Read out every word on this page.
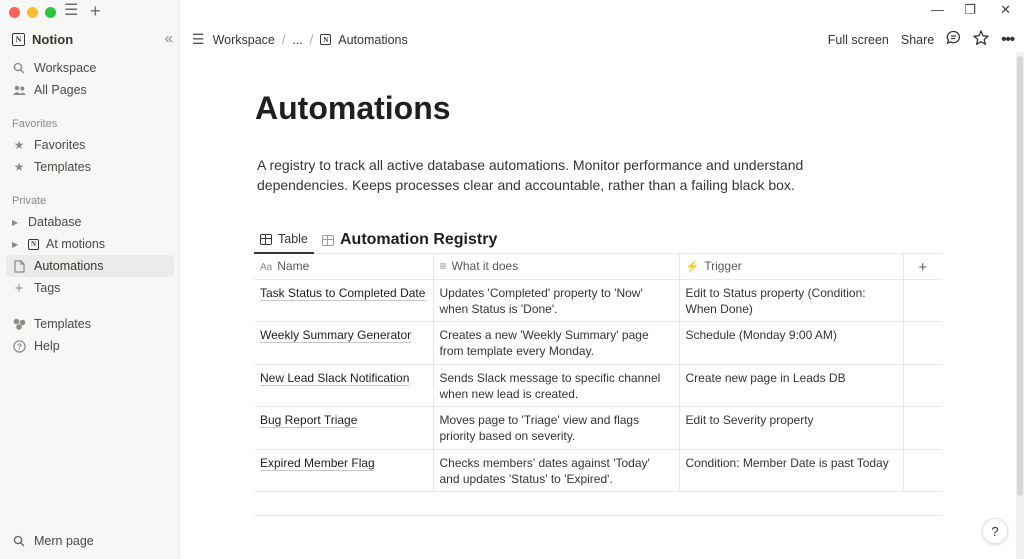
☰ +
N Notion	«
Workspace
All Pages
Favorites
★ Favorites
★ Templates
Private
▶ Database
▶	N At motions
Automations
+ Tags
Templates
? Help
Mern page
— ❐ ✕
☰ Workspace / ... /	N Automations	Full screen Share	•••
Automations

A registry to track all active database automations. Monitor performance and understand dependencies. Keeps processes clear and accountable, rather than a failing black box.

Table Automation Registry
Aa Name	≡ What it does	⚡ Trigger	+
Task Status to Completed Date	Updates 'Completed' property to 'Now' when Status is 'Done'.	Edit to Status property (Condition: When Done)	
Weekly Summary Generator	Creates a new 'Weekly Summary' page from template every Monday.	Schedule (Monday 9:00 AM)	
New Lead Slack Notification	Sends Slack message to specific channel when new lead is created.	Create new page in Leads DB	
Bug Report Triage	Moves page to 'Triage' view and flags priority based on severity.	Edit to Severity property	
Expired Member Flag	Checks members' dates against 'Today' and updates 'Status' to 'Expired'.	Condition: Member Date is past Today	
?
